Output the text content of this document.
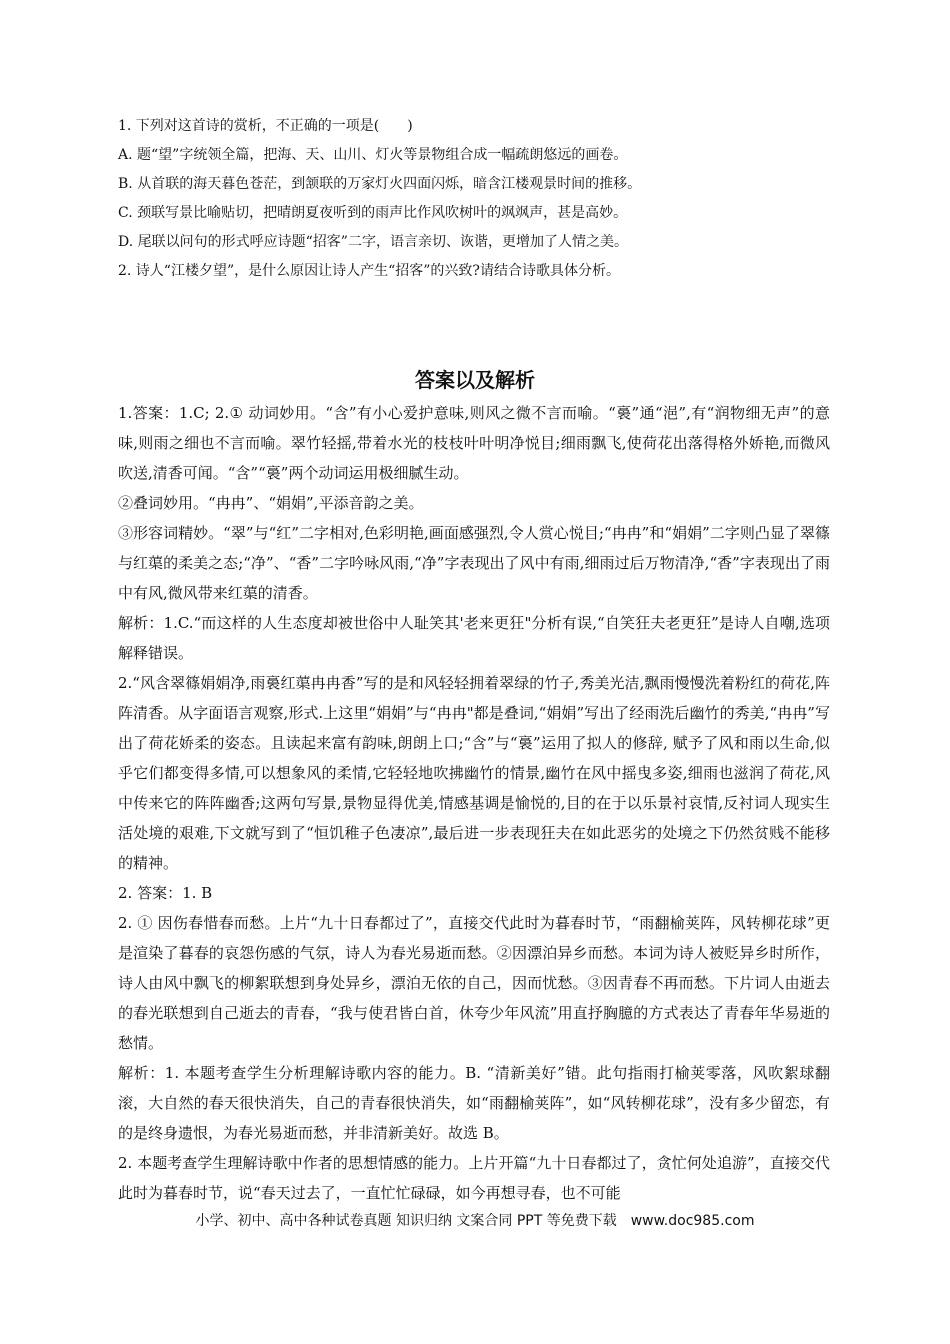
1. 下列对这首诗的赏析，不正确的一项是(　　)
A. 题“望”字统领全篇，把海、天、山川、灯火等景物组合成一幅疏朗悠远的画卷。
B. 从首联的海天暮色苍茫，到颔联的万家灯火四面闪烁，暗含江楼观景时间的推移。
C. 颈联写景比喻贴切，把晴朗夏夜听到的雨声比作风吹树叶的飒飒声，甚是高妙。
D. 尾联以问句的形式呼应诗题“招客”二字，语言亲切、诙谐，更增加了人情之美。
2. 诗人“江楼夕望”，是什么原因让诗人产生“招客”的兴致?请结合诗歌具体分析。
答案以及解析

1.答案：1.C; 2.① 动词妙用。“含”有小心爱护意味,则风之微不言而喻。“裛”通“浥”,有“润物细无声”的意味,则雨之细也不言而喻。翠竹轻摇,带着水光的枝枝叶叶明净悦目;细雨飘飞,使荷花出落得格外娇艳,而微风吹送,清香可闻。“含”“裛”两个动词运用极细腻生动。

②叠词妙用。“冉冉”、“娟娟”,平添音韵之美。

③形容词精妙。“翠”与“红”二字相对,色彩明艳,画面感强烈,令人赏心悦目;“冉冉”和“娟娟”二字则凸显了翠篠与红蕖的柔美之态;“净”、“香”二字吟咏风雨,“净”字表现出了风中有雨,细雨过后万物清净,“香”字表现出了雨中有风,微风带来红蕖的清香。

解析：1.C.“而这样的人生态度却被世俗中人耻笑其'老来更狂"分析有误,“自笑狂夫老更狂”是诗人自嘲,选项解释错误。

2.“风含翠篠娟娟净,雨裛红蕖冉冉香”写的是和风轻轻拥着翠绿的竹子,秀美光洁,飘雨慢慢洗着粉红的荷花,阵阵清香。从字面语言观察,形式.上这里“娟娟”与“冉冉"都是叠词,“娟娟”写出了经雨洗后幽竹的秀美,“冉冉”写出了荷花娇柔的姿态。且读起来富有韵味,朗朗上口;“含”与“裛”运用了拟人的修辞, 赋予了风和雨以生命,似乎它们都变得多情,可以想象风的柔情,它轻轻地吹拂幽竹的情景,幽竹在风中摇曳多姿,细雨也滋润了荷花,风中传来它的阵阵幽香;这两句写景,景物显得优美,情感基调是愉悦的,目的在于以乐景衬哀情,反衬词人现实生活处境的艰难,下文就写到了“恒饥稚子色凄凉”,最后进一步表现狂夫在如此恶劣的处境之下仍然贫贱不能移的精神。

2. 答案：1. B

2. ① 因伤春惜春而愁。上片“九十日春都过了”，直接交代此时为暮春时节，“雨翻榆荚阵，风转柳花球”更是渲染了暮春的哀怨伤感的气氛，诗人为春光易逝而愁。②因漂泊异乡而愁。本词为诗人被贬异乡时所作，诗人由风中飘飞的柳絮联想到身处异乡，漂泊无依的自己，因而忧愁。③因青春不再而愁。下片词人由逝去的春光联想到自己逝去的青春，“我与使君皆白首，休夸少年风流”用直抒胸臆的方式表达了青春年华易逝的愁情。

解析：1. 本题考查学生分析理解诗歌内容的能力。B. “清新美好”错。此句指雨打榆荚零落，风吹絮球翻滚，大自然的春天很快消失，自己的青春很快消失，如“雨翻榆荚阵”，如“风转柳花球”，没有多少留恋，有的是终身遗恨，为春光易逝而愁，并非清新美好。故选 B。

2. 本题考查学生理解诗歌中作者的思想情感的能力。上片开篇“九十日春都过了，贪忙何处追游”，直接交代此时为暮春时节，说“春天过去了，一直忙忙碌碌，如今再想寻春，也不可能

小学、初中、高中各种试卷真题 知识归纳 文案合同 PPT 等免费下载　www.doc985.com
